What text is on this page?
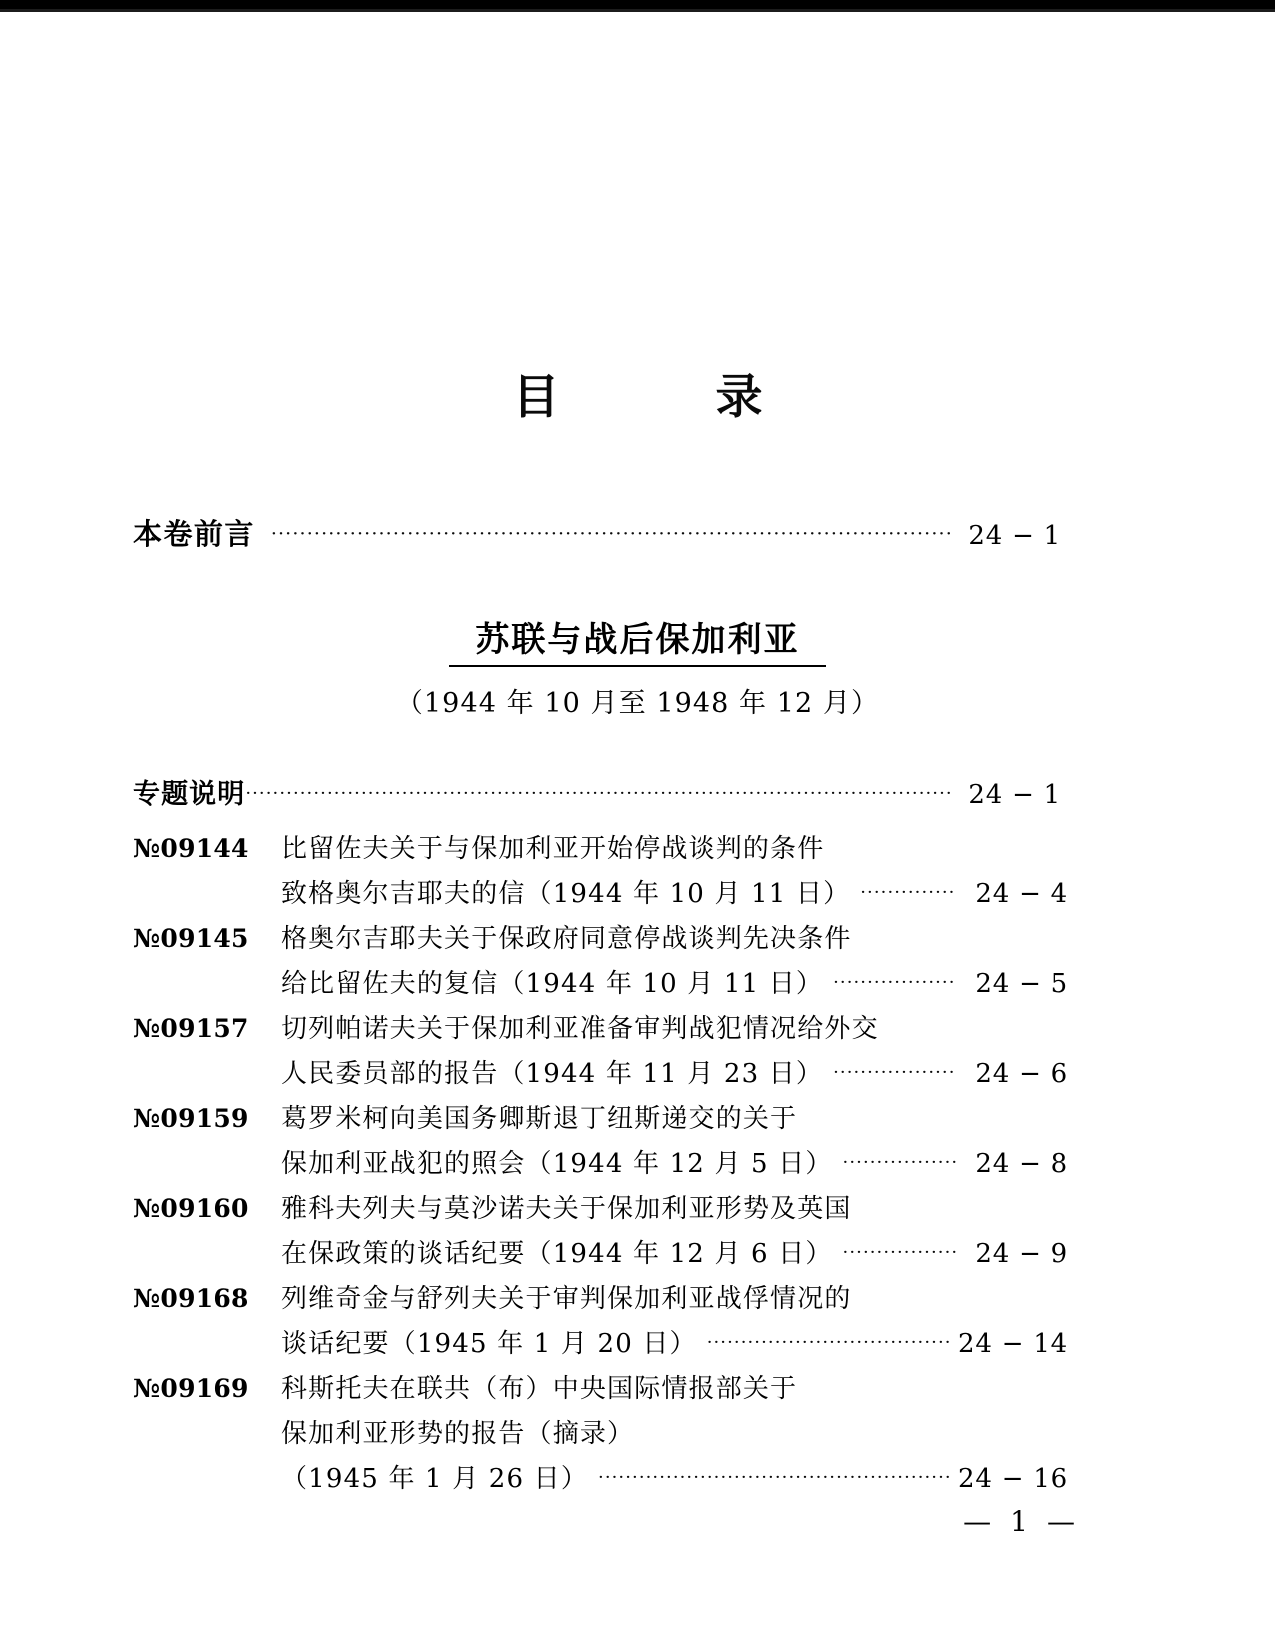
目　　录
本卷前言 ·····	24 − 1
苏联与战后保加利亚
（1944 年 10 月至 1948 年 12 月）
专题说明 ·····	24 − 1
№09144	比留佐夫关于与保加利亚开始停战谈判的条件
致格奥尔吉耶夫的信（1944 年 10 月 11 日） ·····	24 − 4
№09145	格奥尔吉耶夫关于保政府同意停战谈判先决条件
给比留佐夫的复信（1944 年 10 月 11 日） ·····	24 − 5
№09157	切列帕诺夫关于保加利亚准备审判战犯情况给外交
人民委员部的报告（1944 年 11 月 23 日） ·····	24 − 6
№09159	葛罗米柯向美国务卿斯退丁纽斯递交的关于
保加利亚战犯的照会（1944 年 12 月 5 日） ·····	24 − 8
№09160	雅科夫列夫与莫沙诺夫关于保加利亚形势及英国
在保政策的谈话纪要（1944 年 12 月 6 日） ·····	24 − 9
№09168	列维奇金与舒列夫关于审判保加利亚战俘情况的
谈话纪要（1945 年 1 月 20 日） ·····	24 − 14
№09169	科斯托夫在联共（布）中央国际情报部关于
保加利亚形势的报告（摘录）
（1945 年 1 月 26 日） ·····	24 − 16
— 1 —
